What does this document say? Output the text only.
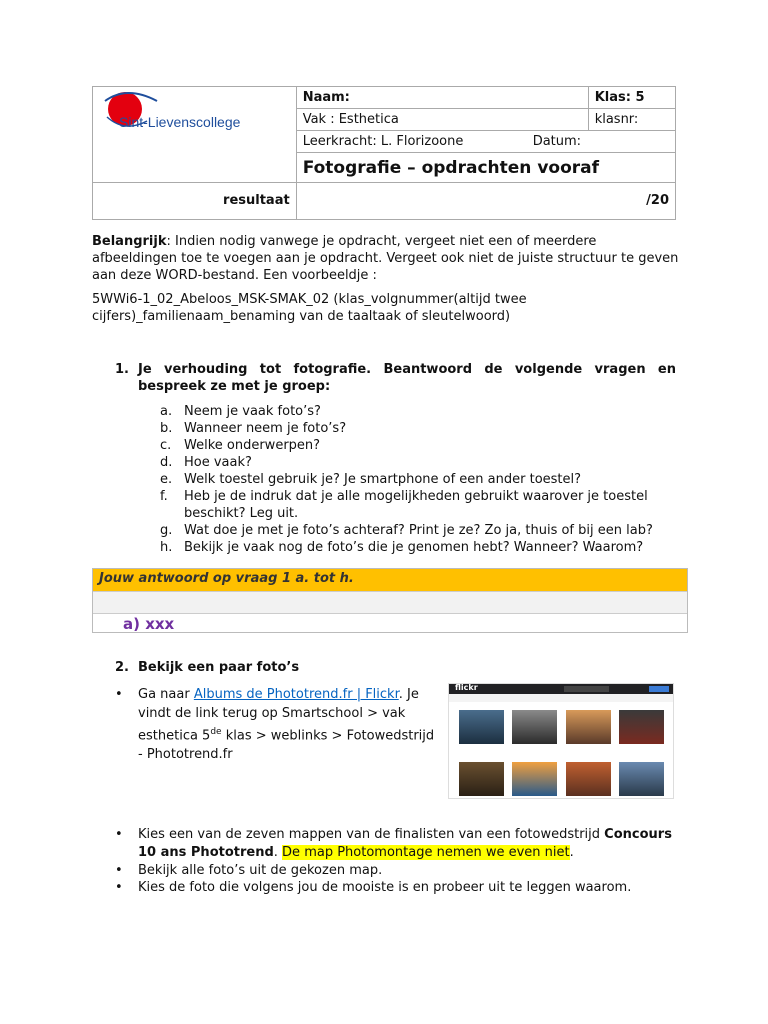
Sint-Lievenscollege	Naam:	Klas: 5
	Vak : Esthetica	klasnr:
	Leerkracht: L. Florizoone Datum:	

	Fotografie – opdrachten vooraf	
resultaat	/20	

Belangrijk: Indien nodig vanwege je opdracht, vergeet niet een of meerdere afbeeldingen toe te voegen aan je opdracht. Vergeet ook niet de juiste structuur te geven aan deze WORD-bestand. Een voorbeeldje :

5WWi6-1_02_Abeloos_MSK-SMAK_02 (klas_volgnummer(altijd twee

cijfers)_familienaam_benaming van de taaltaak of sleutelwoord)

1. Je verhouding tot fotografie. Beantwoord de volgende vragen en
bespreek ze met je groep:
a. Neem je vaak foto’s?
b. Wanneer neem je foto’s?
c. Welke onderwerpen?
d. Hoe vaak?
e. Welk toestel gebruik je? Je smartphone of een ander toestel?
f.	Heb je de indruk dat je alle mogelijkheden gebruikt waarover je toestel
beschikt? Leg uit.
g. Wat doe je met je foto’s achteraf? Print je ze? Zo ja, thuis of bij een lab?
h. Bekijk je vaak nog de foto’s die je genomen hebt? Wanneer? Waarom?
Jouw antwoord op vraag 1 a. tot h.
a) xxx
2. Bekijk een paar foto’s
• Ga naar Albums de Phototrend.fr | Flickr. Je
vindt de link terug op Smartschool > vak
esthetica 5de klas > weblinks > Fotowedstrijd
- Phototrend.fr
flickr
• Kies een van de zeven mappen van de finalisten van een fotowedstrijd Concours
10 ans Phototrend. De map Photomontage nemen we even niet.
• Bekijk alle foto’s uit de gekozen map.
• Kies de foto die volgens jou de mooiste is en probeer uit te leggen waarom.
